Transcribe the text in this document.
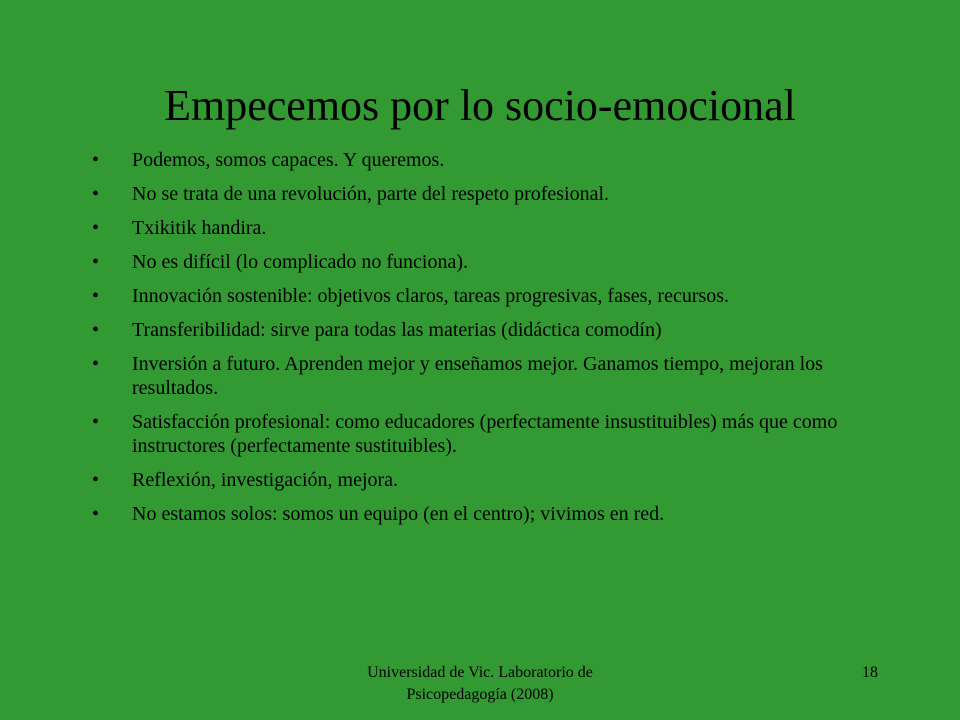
Empecemos por lo socio-emocional
• Podemos, somos capaces. Y queremos.
• No se trata de una revolución, parte del respeto profesional.
• Txikitik handira.
• No es difícil (lo complicado no funciona).
• Innovación sostenible: objetivos claros, tareas progresivas, fases, recursos.
• Transferibilidad: sirve para todas las materias (didáctica comodín)
• Inversión a futuro. Aprenden mejor y enseñamos mejor. Ganamos tiempo, mejoran los resultados.
• Satisfacción profesional: como educadores (perfectamente insustituibles) más que como instructores (perfectamente sustituibles).
• Reflexión, investigación, mejora.
• No estamos solos: somos un equipo (en el centro); vivimos en red.
Universidad de Vic. Laboratorio de
Psicopedagogía (2008)
18
